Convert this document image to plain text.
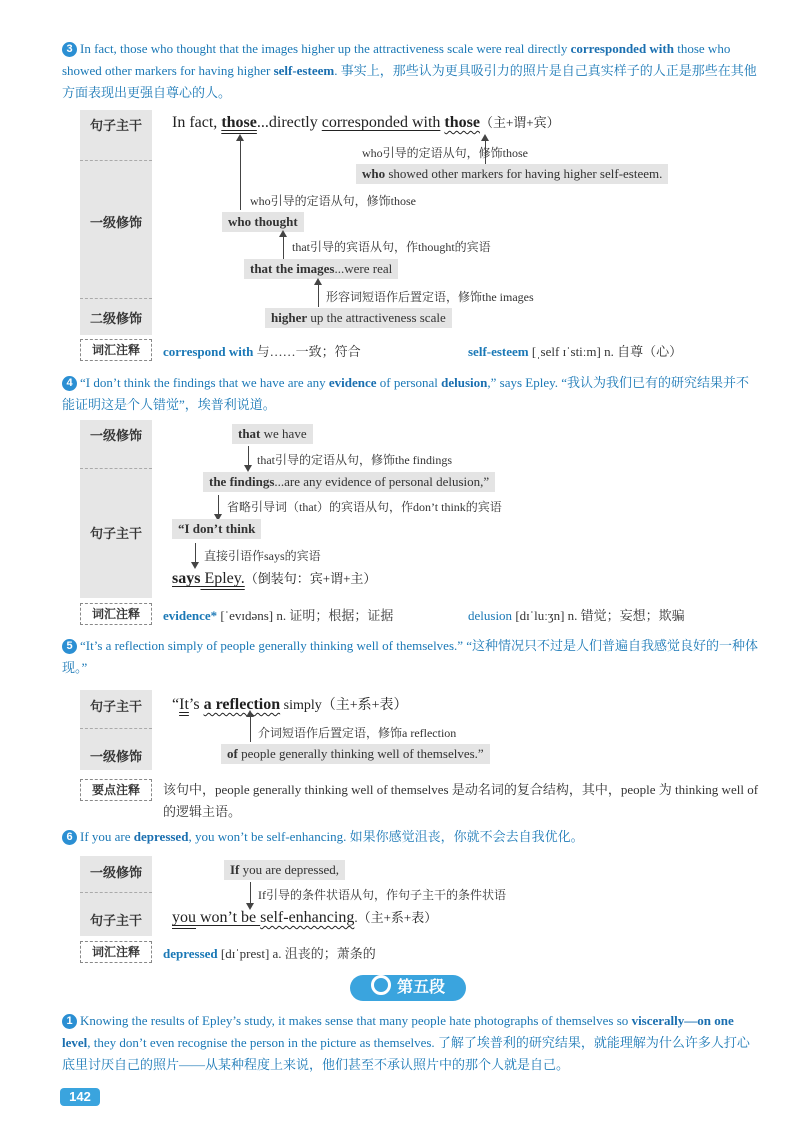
3 In fact, those who thought that the images higher up the attractiveness scale were real directly corresponded with those who showed other markers for having higher self-esteem. 事实上，那些认为更具吸引力的照片是自己真实样子的人正是那些在其他方面表现出更强自尊心的人。
句子主干
一级修饰
二级修饰
In fact, those...directly corresponded with those（主+谓+宾）
who引导的定语从句，修饰those
who showed other markers for having higher self-esteem.
who引导的定语从句，修饰those
who thought
that引导的宾语从句，作thought的宾语
that the images...were real
形容词短语作后置定语，修饰the images
higher up the attractiveness scale
词汇注释	correspond with 与……一致；符合	self-esteem [ˌself ɪˈstiːm] n. 自尊（心）
4 “I don’t think the findings that we have are any evidence of personal delusion,” says Epley. “我认为我们已有的研究结果并不能证明这是个人错觉”，埃普利说道。
一级修饰
句子主干
that we have
that引导的定语从句，修饰the findings
the findings...are any evidence of personal delusion,”
省略引导词（that）的宾语从句，作don’t think的宾语
“I don’t think
直接引语作says的宾语
says Epley.（倒装句：宾+谓+主）
词汇注释	evidence* [ˈevɪdəns] n. 证明；根据；证据	delusion [dɪˈluːʒn] n. 错觉；妄想；欺骗
5 “It’s a reflection simply of people generally thinking well of themselves.” “这种情况只不过是人们普遍自我感觉良好的一种体现。”
句子主干
一级修饰
“It’s a reflection simply（主+系+表）
介词短语作后置定语，修饰a reflection
of people generally thinking well of themselves.”
要点注释	该句中，people generally thinking well of themselves 是动名词的复合结构，其中，people 为 thinking well of 的逻辑主语。
6 If you are depressed, you won’t be self-enhancing. 如果你感觉沮丧，你就不会去自我优化。
一级修饰
句子主干
If you are depressed,
If引导的条件状语从句，作句子主干的条件状语
you won’t be self-enhancing.（主+系+表）
词汇注释	depressed [dɪˈprest] a. 沮丧的；萧条的
第五段
1 Knowing the results of Epley’s study, it makes sense that many people hate photographs of themselves so viscerally—on one level, they don’t even recognise the person in the picture as themselves. 了解了埃普利的研究结果，就能理解为什么许多人打心底里讨厌自己的照片——从某种程度上来说，他们甚至不承认照片中的那个人就是自己。
142
